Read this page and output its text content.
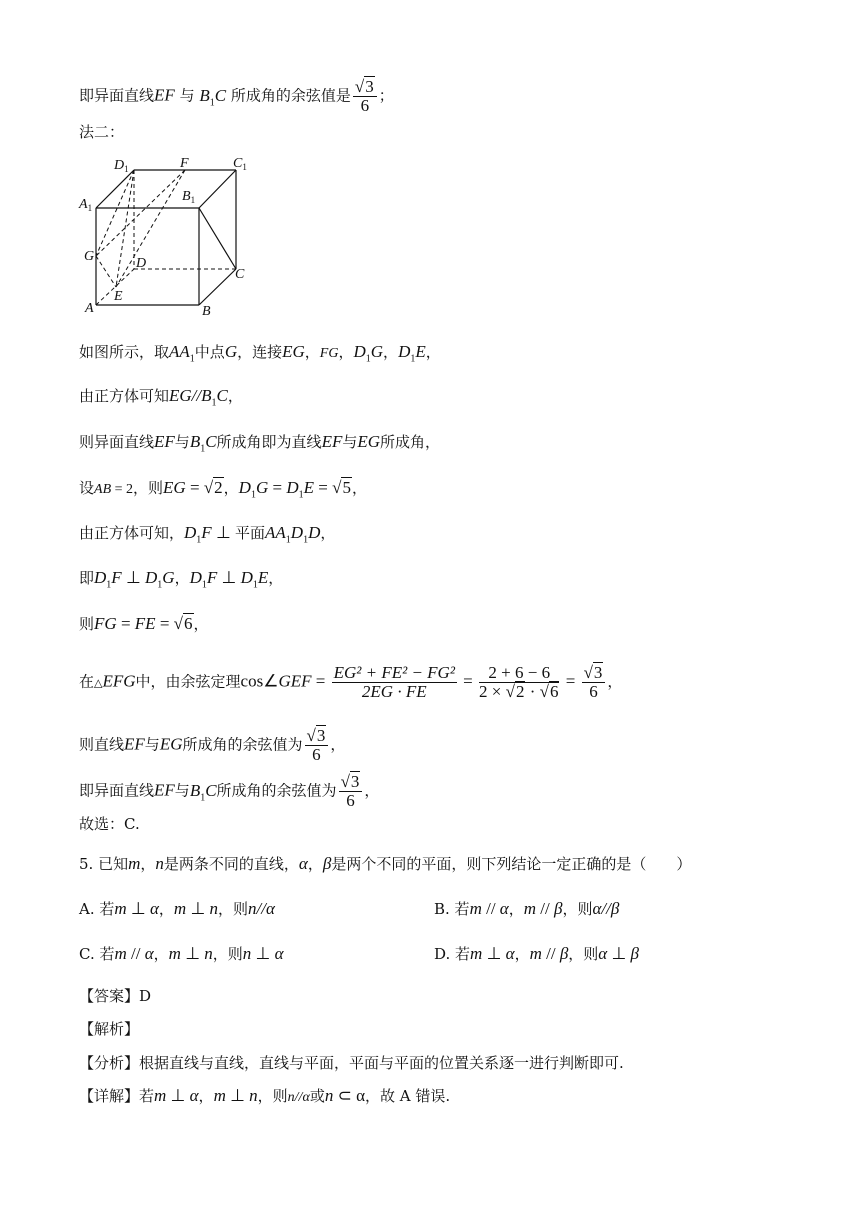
即异面直线EF 与 $B_1C$ 所成角的余弦值是 $\frac{√3}{6}$ ；
法二：
$D_1$	F	$C_1$
$A_1$
$B_1$
G	D
C
E
A	B
如图所示，取$AA_1$中点G，连接EG，FG，$D_1G$，$D_1E$，
由正方体可知$EG//B_1C$，
则异面直线EF与$B_1C$所成角即为直线EF与EG所成角，
设AB = 2，则EG = √2，$D_1G = D_1E = √5$，
由正方体可知，$D_1F$ ⊥ 平面$AA_1D_1D$，
即$D_1F$ ⊥ $D_1G$，$D_1F$ ⊥ $D_1E$，
则FG = FE = √6，
在△EFG中，由余弦定理cos∠GEF = $\frac{\text{EG² + FE² − FG²}}{2EG \cdot FE} = \frac{2 + 6 - 6}{2 \times √2 \cdot √6} = \frac{√3}{6}$ ，
则直线EF与EG所成角的余弦值为 $\frac{√3}{6}$ ，
即异面直线EF与$B_1C$所成角的余弦值为 $\frac{√3}{6}$ ，
故选：C.
5. 已知m，n是两条不同的直线，α，β是两个不同的平面，则下列结论一定正确的是（　　）
A. 若m ⊥ α，m ⊥ n，则n//α	B. 若m // α，m // β，则α//β
C. 若m // α，m ⊥ n，则n ⊥ α	D. 若m ⊥ α，m // β，则α ⊥ β
【答案】D
【解析】
【分析】根据直线与直线，直线与平面，平面与平面的位置关系逐一进行判断即可.
【详解】若m ⊥ α，m ⊥ n，则n//α或n ⊂ α，故 A 错误.
